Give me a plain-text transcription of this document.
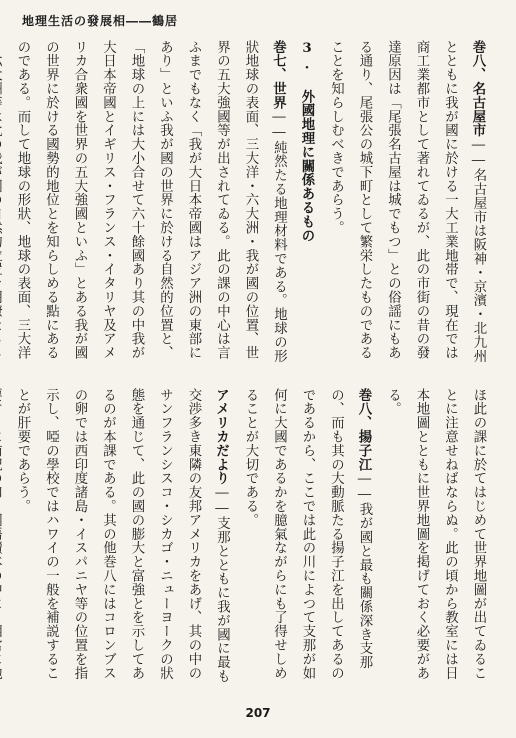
地理生活の發展相――鶴居

巻八、名古屋市――名古屋市は阪神・京濱・北九州とともに我が國に於ける一大工業地帯で、現在では商工業都市として著れてゐるが、此の市街の昔の發達原因は「尾張名古屋は城でもつ」との俗謡にもある通り、尾張公の城下町として繁栄したものであることを知らしむべきであらう。

3. 外國地理に關係あるもの

巻七、世界――純然たる地理材料である。地球の形狀地球の表面、三大洋・六大洲・我が國の位置、世界の五大強國等が出されてゐる。此の課の中心は言ふまでもなく「我が大日本帝國はアジア洲の東部にあり」といふ我が國の世界に於ける自然的位置と、「地球の上には大小合せて六十餘國あり其の中我が大日本帝國とイギリス・フランス・イタリヤ及アメリカ合衆國を世界の五大強國といふ」とある我が國の世界に於ける國勢的地位とを知らしめる點にあるのである。而して地球の形狀、地球の表面、三大洋

ほ此の課に於てはじめて世界地圖が出てゐることに注意せねばならぬ。此の頃から教室には日本地圖とともに世界地圖を掲げておく必要がある。

巻八、揚子江――我が國と最も關係深き支那の、而も其の大動脈たる揚子江を出してあるのであるから、ここでは此の川によつて支那が如何に大國であるかを臆氣ながらにも了得せしめることが大切である。

アメリカだより――支那とともに我が國に最も交渉多き東隣の友邦アメリカをあげ、其の中のサンフランシスコ・シカゴ・ニューヨークの狀態を通じて、此の國の膨大と富強とを示してあるのが本課である。其の他巻八にはコロンブスの卵では西印度諸島・イスパニヤ等の位置を指示し、啞の學校ではハワイの一般を補説することが肝要であらう。

207
